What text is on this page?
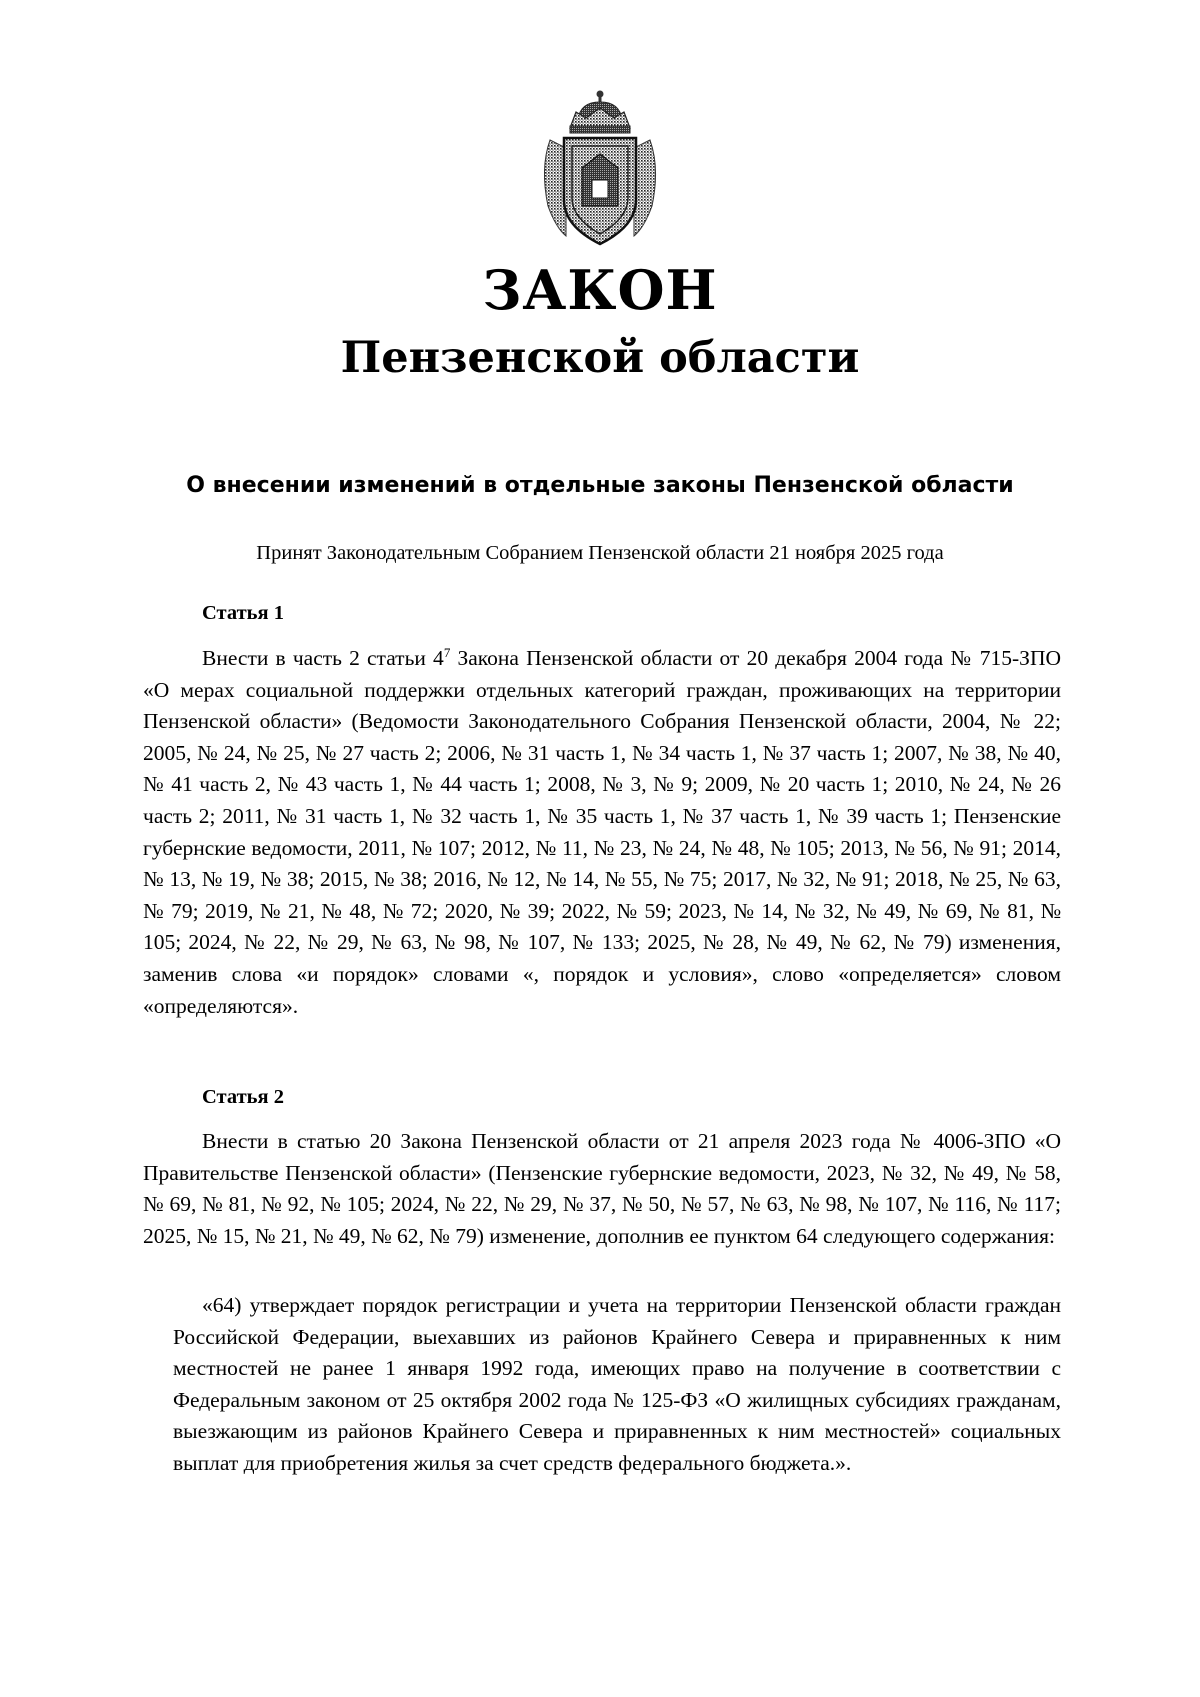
ЗАКОН
Пензенской области
О внесении изменений в отдельные законы Пензенской области
Принят Законодательным Собранием Пензенской области 21 ноября 2025 года
Статья 1
Внести в часть 2 статьи $4^7$ Закона Пензенской области от 20 декабря 2004 года № 715-ЗПО «О мерах социальной поддержки отдельных категорий граждан, проживающих на территории Пензенской области» (Ведомости Законодательного Собрания Пензенской области, 2004, № 22; 2005, № 24, № 25, № 27 часть 2; 2006, № 31 часть 1, № 34 часть 1, № 37 часть 1; 2007, № 38, № 40, № 41 часть 2, № 43 часть 1, № 44 часть 1; 2008, № 3, № 9; 2009, № 20 часть 1; 2010, № 24, № 26 часть 2; 2011, № 31 часть 1, № 32 часть 1, № 35 часть 1, № 37 часть 1, № 39 часть 1; Пензенские губернские ведомости, 2011, № 107; 2012, № 11, № 23, № 24, № 48, № 105; 2013, № 56, № 91; 2014, № 13, № 19, № 38; 2015, № 38; 2016, № 12, № 14, № 55, № 75; 2017, № 32, № 91; 2018, № 25, № 63, № 79; 2019, № 21, № 48, № 72; 2020, № 39; 2022, № 59; 2023, № 14, № 32, № 49, № 69, № 81, № 105; 2024, № 22, № 29, № 63, № 98, № 107, № 133; 2025, № 28, № 49, № 62, № 79) изменения, заменив слова «и порядок» словами «, порядок и условия», слово «определяется» словом «определяются».
Статья 2
Внести в статью 20 Закона Пензенской области от 21 апреля 2023 года № 4006-ЗПО «О Правительстве Пензенской области» (Пензенские губернские ведомости, 2023, № 32, № 49, № 58, № 69, № 81, № 92, № 105; 2024, № 22, № 29, № 37, № 50, № 57, № 63, № 98, № 107, № 116, № 117; 2025, № 15, № 21, № 49, № 62, № 79) изменение, дополнив ее пунктом 64 следующего содержания:
«64) утверждает порядок регистрации и учета на территории Пензенской области граждан Российской Федерации, выехавших из районов Крайнего Севера и приравненных к ним местностей не ранее 1 января 1992 года, имеющих право на получение в соответствии с Федеральным законом от 25 октября 2002 года № 125-ФЗ «О жилищных субсидиях гражданам, выезжающим из районов Крайнего Севера и приравненных к ним местностей» социальных выплат для приобретения жилья за счет средств федерального бюджета.».
